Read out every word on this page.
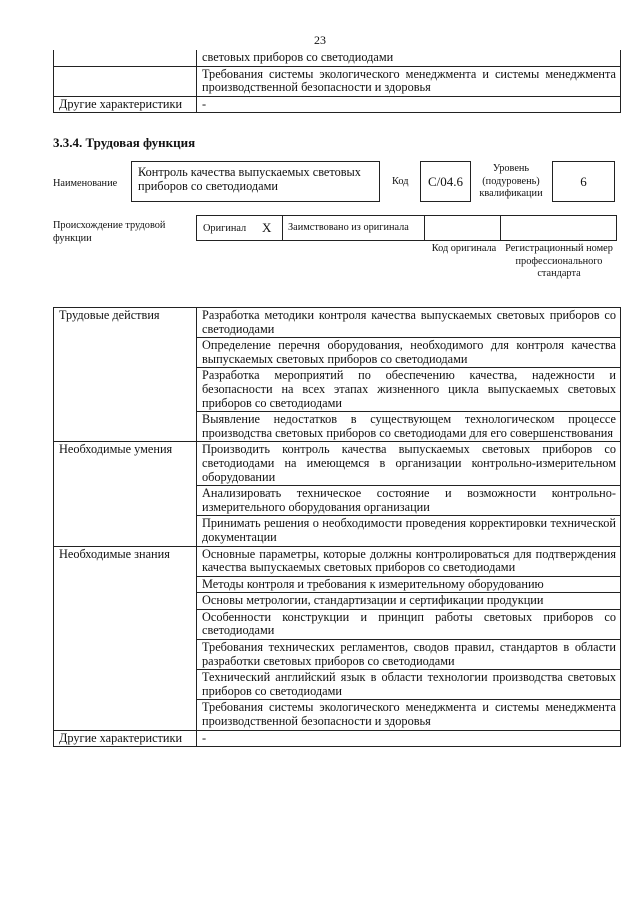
23
	световых приборов со светодиодами
	Требования системы экологического менеджмента и системы менеджмента производственной безопасности и здоровья
Другие характеристики	-
3.3.4. Трудовая функция
Наименование
Контроль качества выпускаемых световых приборов со светодиодами	Код	C/04.6
Уровень (подуровень) квалификации
6
Происхождение трудовой функции
Оригинал X Заимствовано из оригинала
Код оригинала Регистрационный номер профессионального стандарта
Трудовые действия	Разработка методики контроля качества выпускаемых световых приборов со светодиодами
	Определение перечня оборудования, необходимого для контроля качества выпускаемых световых приборов со светодиодами
	Разработка мероприятий по обеспечению качества, надежности и безопасности на всех этапах жизненного цикла выпускаемых световых приборов со светодиодами
	Выявление недостатков в существующем технологическом процессе производства световых приборов со светодиодами для его совершенствования
Необходимые умения	Производить контроль качества выпускаемых световых приборов со светодиодами на имеющемся в организации контрольно-измерительном оборудовании
	Анализировать техническое состояние и возможности контрольно-измерительного оборудования организации
	Принимать решения о необходимости проведения корректировки технической документации
Необходимые знания	Основные параметры, которые должны контролироваться для подтверждения качества выпускаемых световых приборов со светодиодами
	Методы контроля и требования к измерительному оборудованию
	Основы метрологии, стандартизации и сертификации продукции
	Особенности конструкции и принцип работы световых приборов со светодиодами
	Требования технических регламентов, сводов правил, стандартов в области разработки световых приборов со светодиодами
	Технический английский язык в области технологии производства световых приборов со светодиодами
	Требования системы экологического менеджмента и системы менеджмента производственной безопасности и здоровья
Другие характеристики	-
